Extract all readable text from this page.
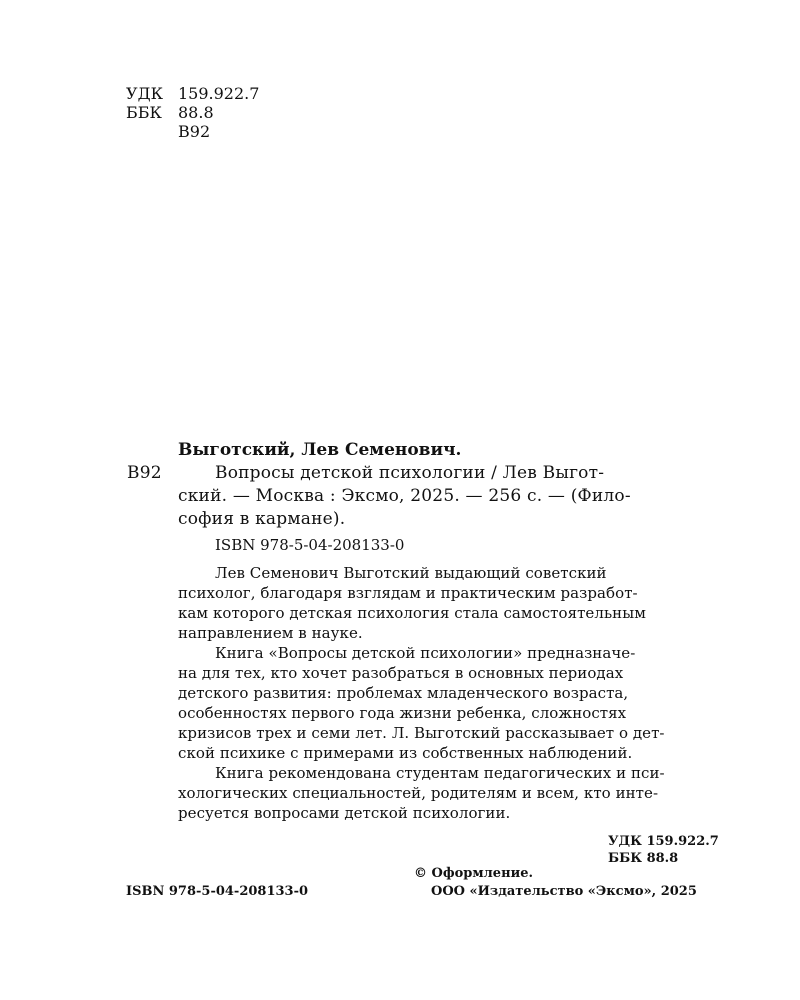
УДК 159.922.7
ББК 88.8
В92
Выготский, Лев Семенович.
В92	Вопросы детской психологии / Лев Выгот-
ский. — Москва : Эксмо, 2025. — 256 с. — (Фило-
софия в кармане).
ISBN 978-5-04-208133-0
Лев Семенович Выготский выдающий советский
психолог, благодаря взглядам и практическим разработ-
кам которого детская психология стала самостоятельным
направлением в науке.
Книга «Вопросы детской психологии» предназначе-
на для тех, кто хочет разобраться в основных периодах
детского развития: проблемах младенческого возраста,
особенностях первого года жизни ребенка, сложностях
кризисов трех и семи лет. Л. Выготский рассказывает о дет-
ской психике с примерами из собственных наблюдений.
Книга рекомендована студентам педагогических и пси-
хологических специальностей, родителям и всем, кто инте-
ресуется вопросами детской психологии.
УДК 159.922.7
ББК 88.8
© Оформление.
ISBN 978-5-04-208133-0	ООО «Издательство «Эксмо», 2025
